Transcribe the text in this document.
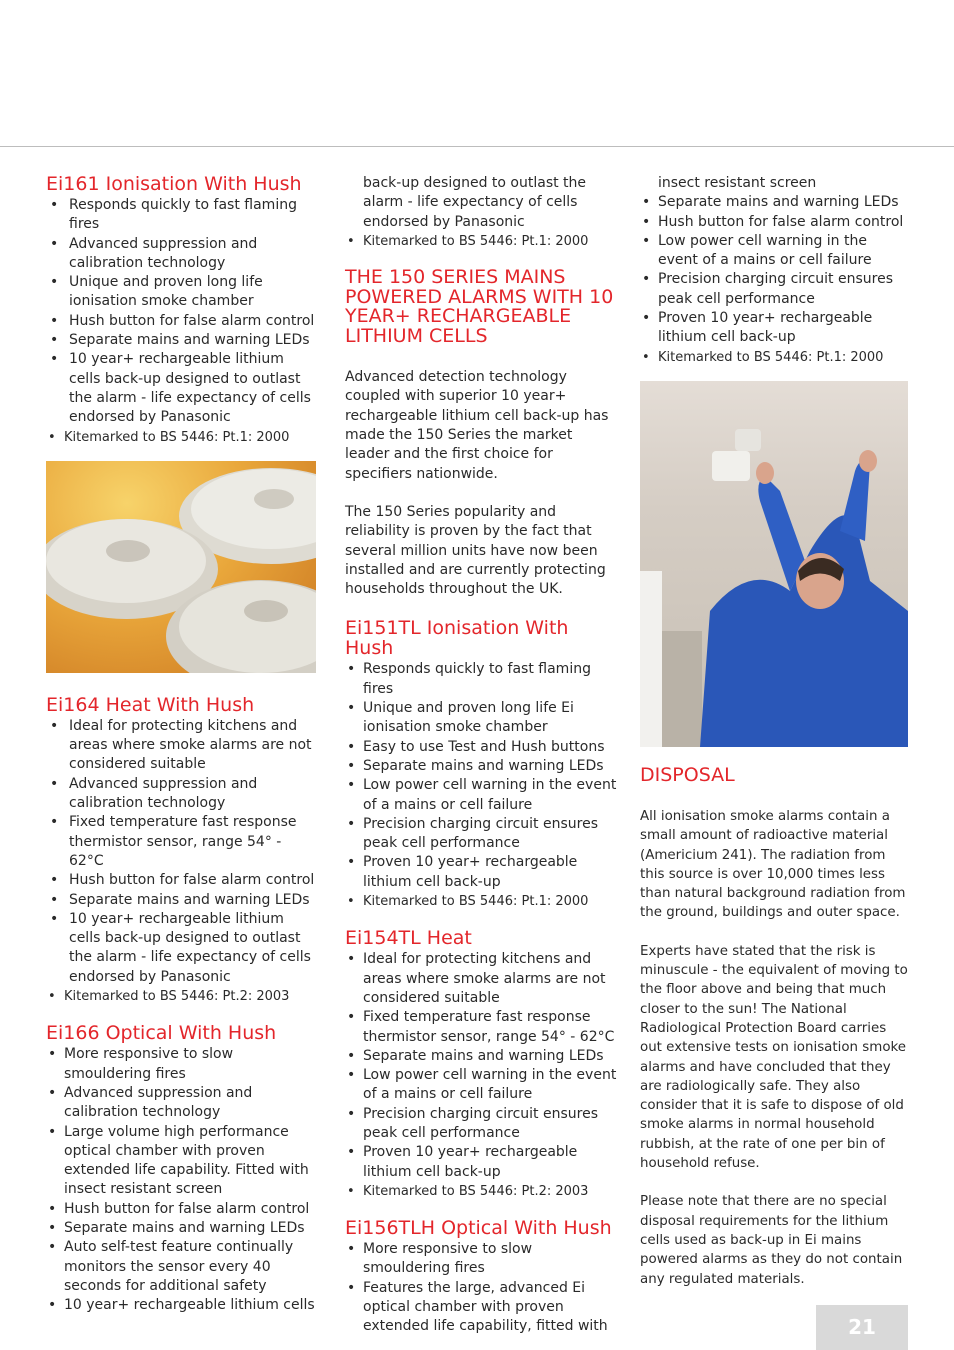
Ei161 Ionisation With Hush
• Responds quickly to fast flaming fires
• Advanced suppression and calibration technology
• Unique and proven long life ionisation smoke chamber
• Hush button for false alarm control
• Separate mains and warning LEDs
• 10 year+ rechargeable lithium cells back-up designed to outlast the alarm - life expectancy of cells endorsed by Panasonic
• Kitemarked to BS 5446: Pt.1: 2000
Ei164 Heat With Hush
• Ideal for protecting kitchens and areas where smoke alarms are not considered suitable
• Advanced suppression and calibration technology
• Fixed temperature fast response thermistor sensor, range 54° - 62°C
• Hush button for false alarm control
• Separate mains and warning LEDs
• 10 year+ rechargeable lithium cells back-up designed to outlast the alarm - life expectancy of cells endorsed by Panasonic
• Kitemarked to BS 5446: Pt.2: 2003
Ei166 Optical With Hush
• More responsive to slow smouldering fires
• Advanced suppression and calibration technology
• Large volume high performance optical chamber with proven extended life capability. Fitted with insect resistant screen
• Hush button for false alarm control
• Separate mains and warning LEDs
• Auto self-test feature continually monitors the sensor every 40 seconds for additional safety
• 10 year+ rechargeable lithium cells
back-up designed to outlast the alarm - life expectancy of cells endorsed by Panasonic
• Kitemarked to BS 5446: Pt.1: 2000
THE 150 SERIES MAINS POWERED ALARMS WITH 10 YEAR+ RECHARGEABLE LITHIUM CELLS

Advanced detection technology coupled with superior 10 year+ rechargeable lithium cell back-up has made the 150 Series the market leader and the first choice for specifiers nationwide.

The 150 Series popularity and reliability is proven by the fact that several million units have now been installed and are currently protecting households throughout the UK.

Ei151TL Ionisation With Hush
• Responds quickly to fast flaming fires
• Unique and proven long life Ei ionisation smoke chamber
• Easy to use Test and Hush buttons
• Separate mains and warning LEDs
• Low power cell warning in the event of a mains or cell failure
• Precision charging circuit ensures peak cell performance
• Proven 10 year+ rechargeable lithium cell back-up
• Kitemarked to BS 5446: Pt.1: 2000
Ei154TL Heat
• Ideal for protecting kitchens and areas where smoke alarms are not considered suitable
• Fixed temperature fast response thermistor sensor, range 54° - 62°C
• Separate mains and warning LEDs
• Low power cell warning in the event of a mains or cell failure
• Precision charging circuit ensures peak cell performance
• Proven 10 year+ rechargeable lithium cell back-up
• Kitemarked to BS 5446: Pt.2: 2003
Ei156TLH Optical With Hush
• More responsive to slow smouldering fires
• Features the large, advanced Ei optical chamber with proven extended life capability, fitted with
insect resistant screen
• Separate mains and warning LEDs
• Hush button for false alarm control
• Low power cell warning in the event of a mains or cell failure
• Precision charging circuit ensures peak cell performance
• Proven 10 year+ rechargeable lithium cell back-up
• Kitemarked to BS 5446: Pt.1: 2000
DISPOSAL

All ionisation smoke alarms contain a small amount of radioactive material (Americium 241). The radiation from this source is over 10,000 times less than natural background radiation from the ground, buildings and outer space.

Experts have stated that the risk is minuscule - the equivalent of moving to the floor above and being that much closer to the sun! The National Radiological Protection Board carries out extensive tests on ionisation smoke alarms and have concluded that they are radiologically safe. They also consider that it is safe to dispose of old smoke alarms in normal household rubbish, at the rate of one per bin of household refuse.

Please note that there are no special disposal requirements for the lithium cells used as back-up in Ei mains powered alarms as they do not contain any regulated materials.

21
